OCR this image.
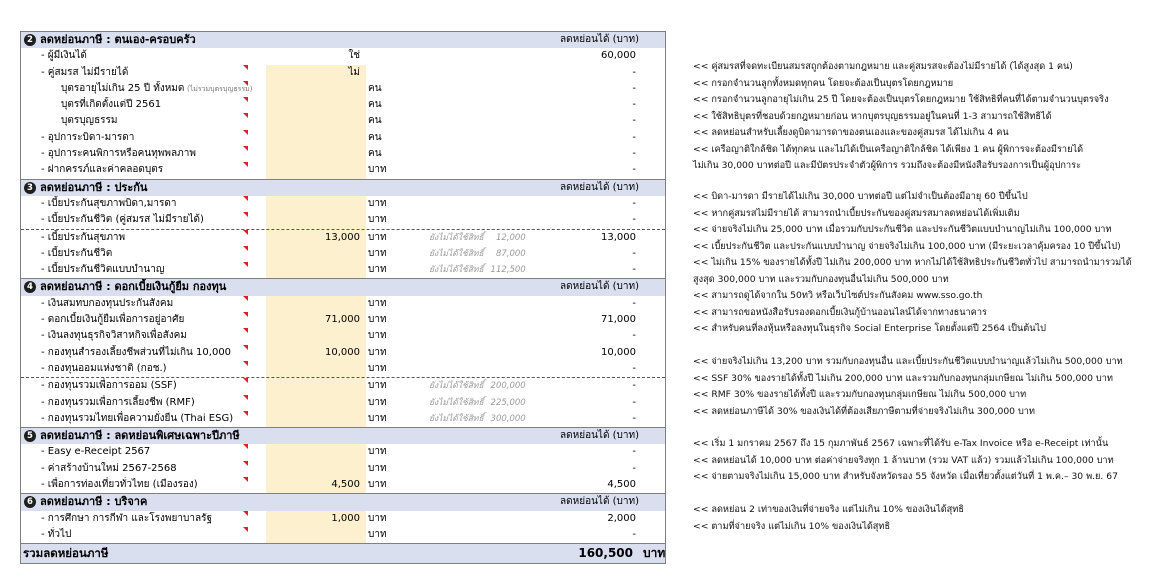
2 ลดหย่อนภาษี : ตนเอง-ครอบครัว	ลดหย่อนได้ (บาท)
- ผู้มีเงินได้	ใช่	60,000
- คู่สมรส ไม่มีรายได้	ไม่	-
บุตรอายุไม่เกิน 25 ปี ทั้งหมด (ไม่รวมบุตรบุญธรรม)	คน	-
บุตรที่เกิดตั้งแต่ปี 2561	คน	-
บุตรบุญธรรม	คน	-
- อุปการะบิดา-มารดา	คน	-
- อุปการะคนพิการหรือคนทุพพลภาพ	คน	-
- ฝากครรภ์และค่าคลอดบุตร	บาท	-
3 ลดหย่อนภาษี : ประกัน	ลดหย่อนได้ (บาท)
- เบี้ยประกันสุขภาพบิดา,มารดา	บาท	-
- เบี้ยประกันชีวิต (คู่สมรส ไม่มีรายได้)	บาท	-
- เบี้ยประกันสุขภาพ	13,000 บาท	ยังไม่ได้ใช้สิทธิ์ 12,000	13,000
- เบี้ยประกันชีวิต	บาท	ยังไม่ได้ใช้สิทธิ์ 87,000	-
- เบี้ยประกันชีวิตแบบบำนาญ	บาท	ยังไม่ได้ใช้สิทธิ์ 112,500	-
4 ลดหย่อนภาษี : ดอกเบี้ยเงินกู้ยืม กองทุน	ลดหย่อนได้ (บาท)
- เงินสมทบกองทุนประกันสังคม	บาท	-
- ดอกเบี้ยเงินกู้ยืมเพื่อการอยู่อาศัย	71,000 บาท	71,000
- เงินลงทุนธุรกิจวิสาหกิจเพื่อสังคม	บาท	-
- กองทุนสำรองเลี้ยงชีพส่วนที่ไม่เกิน 10,000	10,000 บาท	10,000
- กองทุนออมแห่งชาติ (กอช.)	บาท	-
- กองทุนรวมเพื่อการออม (SSF)	บาท	ยังไม่ได้ใช้สิทธิ์ 200,000	-
- กองทุนรวมเพื่อการเลี้ยงชีพ (RMF)	บาท	ยังไม่ได้ใช้สิทธิ์ 225,000	-
- กองทุนรวมไทยเพื่อความยั่งยืน (Thai ESG)	บาท	ยังไม่ได้ใช้สิทธิ์ 300,000	-
5 ลดหย่อนภาษี : ลดหย่อนพิเศษเฉพาะปีภาษี	ลดหย่อนได้ (บาท)
- Easy e-Receipt 2567	บาท	-
- ค่าสร้างบ้านใหม่ 2567-2568	บาท	-
- เพื่อการท่องเที่ยวทั่วไทย (เมืองรอง)	4,500 บาท	4,500
6 ลดหย่อนภาษี : บริจาค	ลดหย่อนได้ (บาท)
- การศึกษา การกีฬา และโรงพยาบาลรัฐ	1,000 บาท	2,000
- ทั่วไป	บาท	-
รวมลดหย่อนภาษี	160,500 บาท
<< คู่สมรสที่จดทะเบียนสมรสถูกต้องตามกฎหมาย และคู่สมรสจะต้องไม่มีรายได้ (ได้สูงสุด 1 คน)
<< กรอกจำนวนลูกทั้งหมดทุกคน โดยจะต้องเป็นบุตรโดยกฎหมาย
<< กรอกจำนวนลูกอายุไม่เกิน 25 ปี โดยจะต้องเป็นบุตรโดยกฎหมาย ใช้สิทธิที่คนที่ได้ตามจำนวนบุตรจริง
<< ใช้สิทธิบุตรที่ชอบด้วยกฎหมายก่อน หากบุตรบุญธรรมอยู่ในคนที่ 1-3 สามารถใช้สิทธิได้
<< ลดหย่อนสำหรับเลี้ยงดูบิดามารดาของตนเองและของคู่สมรส ได้ไม่เกิน 4 คน
<< เครือญาติใกล้ชิด ได้ทุกคน และไม่ได้เป็นเครือญาติใกล้ชิด ได้เพียง 1 คน ผู้พิการจะต้องมีรายได้
ไม่เกิน 30,000 บาทต่อปี และมีบัตรประจำตัวผู้พิการ รวมถึงจะต้องมีหนังสือรับรองการเป็นผู้อุปการะ
<< บิดา-มารดา มีรายได้ไม่เกิน 30,000 บาทต่อปี แต่ไม่จำเป็นต้องมีอายุ 60 ปีขึ้นไป
<< หากคู่สมรสไม่มีรายได้ สามารถนำเบี้ยประกันของคู่สมรสมาลดหย่อนได้เพิ่มเติม
<< จ่ายจริงไม่เกิน 25,000 บาท เมื่อรวมกับประกันชีวิต และประกันชีวิตแบบบำนาญไม่เกิน 100,000 บาท
<< เบี้ยประกันชีวิต และประกันแบบบำนาญ จ่ายจริงไม่เกิน 100,000 บาท (มีระยะเวลาคุ้มครอง 10 ปีขึ้นไป)
<< ไม่เกิน 15% ของรายได้ทั้งปี ไม่เกิน 200,000 บาท หากไม่ได้ใช้สิทธิประกันชีวิตทั่วไป สามารถนำมารวมได้
สูงสุด 300,000 บาท และรวมกับกองทุนอื่นไม่เกิน 500,000 บาท
<< สามารถดูได้จากใน 50ทวิ หรือเว็บไซต์ประกันสังคม www.sso.go.th
<< สามารถขอหนังสือรับรองดอกเบี้ยเงินกู้บ้านออนไลน์ได้จากทางธนาคาร
<< สำหรับคนที่ลงหุ้นหรือลงทุนในธุรกิจ Social Enterprise โดยตั้งแต่ปี 2564 เป็นต้นไป
<< จ่ายจริงไม่เกิน 13,200 บาท รวมกับกองทุนอื่น และเบี้ยประกันชีวิตแบบบำนาญแล้วไม่เกิน 500,000 บาท
<< SSF 30% ของรายได้ทั้งปี ไม่เกิน 200,000 บาท และรวมกับกองทุนกลุ่มเกษียณ ไม่เกิน 500,000 บาท
<< RMF 30% ของรายได้ทั้งปี และรวมกับกองทุนกลุ่มเกษียณ ไม่เกิน 500,000 บาท
<< ลดหย่อนภาษีได้ 30% ของเงินได้ที่ต้องเสียภาษีตามที่จ่ายจริงไม่เกิน 300,000 บาท
<< เริ่ม 1 มกราคม 2567 ถึง 15 กุมภาพันธ์ 2567 เฉพาะที่ได้รับ e-Tax Invoice หรือ e-Receipt เท่านั้น
<< ลดหย่อนได้ 10,000 บาท ต่อค่าจ่ายจริงทุก 1 ล้านบาท (รวม VAT แล้ว) รวมแล้วไม่เกิน 100,000 บาท
<< จ่ายตามจริงไม่เกิน 15,000 บาท สำหรับจังหวัดรอง 55 จังหวัด เมื่อเที่ยวตั้งแต่วันที่ 1 พ.ค.– 30 พ.ย. 67
<< ลดหย่อน 2 เท่าของเงินที่จ่ายจริง แต่ไม่เกิน 10% ของเงินได้สุทธิ
<< ตามที่จ่ายจริง แต่ไม่เกิน 10% ของเงินได้สุทธิ
